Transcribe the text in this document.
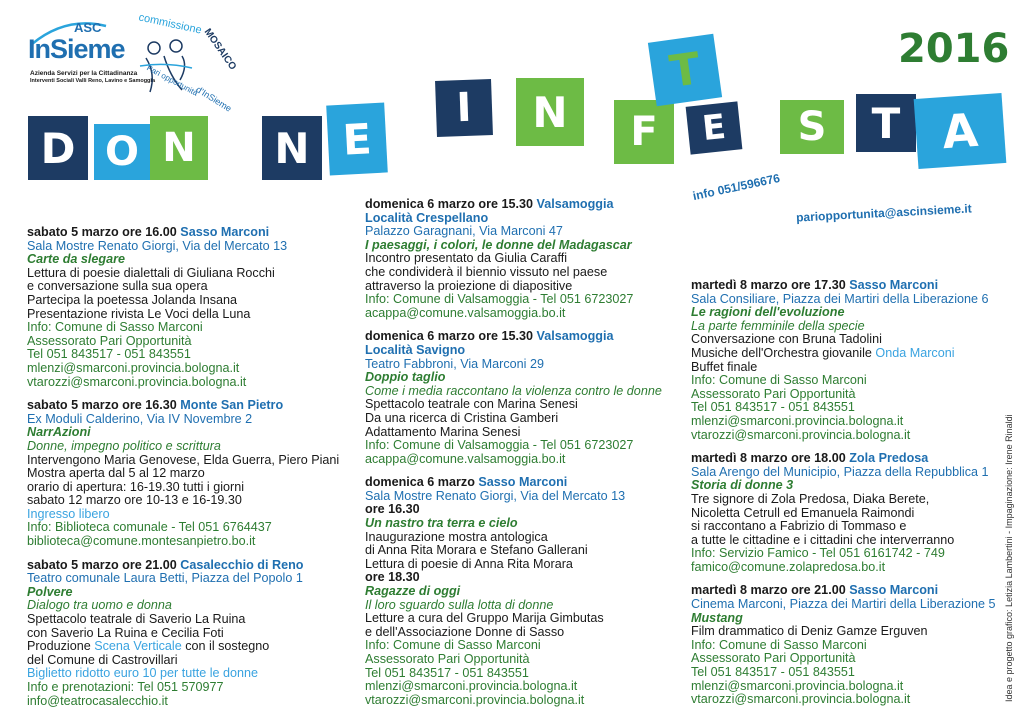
ASC
InSieme
Azienda Servizi per la Cittadinanza
Interventi Sociali Valli Reno, Lavino e Samoggia
commissione
MOSAICO
Pari opportunità
d'InSieme
2016
D O N N E
I	N	F	E	S	T A
T
info 051/596676
pariopportunita@ascinsieme.it
sabato 5 marzo ore 16.00 Sasso Marconi
Sala Mostre Renato Giorgi, Via del Mercato 13
Carte da slegare
Lettura di poesie dialettali di Giuliana Rocchi
e conversazione sulla sua opera
Partecipa la poetessa Jolanda Insana
Presentazione rivista Le Voci della Luna
Info: Comune di Sasso Marconi
Assessorato Pari Opportunità
Tel 051 843517 - 051 843551
mlenzi@smarconi.provincia.bologna.it
vtarozzi@smarconi.provincia.bologna.it
sabato 5 marzo ore 16.30 Monte San Pietro
Ex Moduli Calderino, Via IV Novembre 2
NarrAzioni
Donne, impegno politico e scrittura
Intervengono Maria Genovese, Elda Guerra, Piero Piani
Mostra aperta dal 5 al 12 marzo
orario di apertura: 16-19.30 tutti i giorni
sabato 12 marzo ore 10-13 e 16-19.30
Ingresso libero
Info: Biblioteca comunale - Tel 051 6764437
biblioteca@comune.montesanpietro.bo.it
sabato 5 marzo ore 21.00 Casalecchio di Reno
Teatro comunale Laura Betti, Piazza del Popolo 1
Polvere
Dialogo tra uomo e donna
Spettacolo teatrale di Saverio La Ruina
con Saverio La Ruina e Cecilia Foti
Produzione Scena Verticale con il sostegno
del Comune di Castrovillari
Biglietto ridotto euro 10 per tutte le donne
Info e prenotazioni: Tel 051 570977
info@teatrocasalecchio.it
domenica 6 marzo ore 15.30 Valsamoggia
Località Crespellano
Palazzo Garagnani, Via Marconi 47
I paesaggi, i colori, le donne del Madagascar
Incontro presentato da Giulia Caraffi
che condividerà il biennio vissuto nel paese
attraverso la proiezione di diapositive
Info: Comune di Valsamoggia - Tel 051 6723027
acappa@comune.valsamoggia.bo.it
domenica 6 marzo ore 15.30 Valsamoggia
Località Savigno
Teatro Fabbroni, Via Marconi 29
Doppio taglio
Come i media raccontano la violenza contro le donne
Spettacolo teatrale con Marina Senesi
Da una ricerca di Cristina Gamberi
Adattamento Marina Senesi
Info: Comune di Valsamoggia - Tel 051 6723027
acappa@comune.valsamoggia.bo.it
domenica 6 marzo Sasso Marconi
Sala Mostre Renato Giorgi, Via del Mercato 13
ore 16.30
Un nastro tra terra e cielo
Inaugurazione mostra antologica
di Anna Rita Morara e Stefano Gallerani
Lettura di poesie di Anna Rita Morara
ore 18.30
Ragazze di oggi
Il loro sguardo sulla lotta di donne
Letture a cura del Gruppo Marija Gimbutas
e dell'Associazione Donne di Sasso
Info: Comune di Sasso Marconi
Assessorato Pari Opportunità
Tel 051 843517 - 051 843551
mlenzi@smarconi.provincia.bologna.it
vtarozzi@smarconi.provincia.bologna.it
martedì 8 marzo ore 17.30 Sasso Marconi
Sala Consiliare, Piazza dei Martiri della Liberazione 6
Le ragioni dell'evoluzione
La parte femminile della specie
Conversazione con Bruna Tadolini
Musiche dell'Orchestra giovanile Onda Marconi
Buffet finale
Info: Comune di Sasso Marconi
Assessorato Pari Opportunità
Tel 051 843517 - 051 843551
mlenzi@smarconi.provincia.bologna.it
vtarozzi@smarconi.provincia.bologna.it
martedì 8 marzo ore 18.00 Zola Predosa
Sala Arengo del Municipio, Piazza della Repubblica 1
Storia di donne 3
Tre signore di Zola Predosa, Diaka Berete,
Nicoletta Cetrull ed Emanuela Raimondi
si raccontano a Fabrizio di Tommaso e
a tutte le cittadine e i cittadini che interverranno
Info: Servizio Famico - Tel 051 6161742 - 749
famico@comune.zolapredosa.bo.it
martedì 8 marzo ore 21.00 Sasso Marconi
Cinema Marconi, Piazza dei Martiri della Liberazione 5
Mustang
Film drammatico di Deniz Gamze Erguven
Info: Comune di Sasso Marconi
Assessorato Pari Opportunità
Tel 051 843517 - 051 843551
mlenzi@smarconi.provincia.bologna.it
vtarozzi@smarconi.provincia.bologna.it	Idea e progetto grafico: Letizia Lambertini - Impaginazione: Irene Rinaldi
